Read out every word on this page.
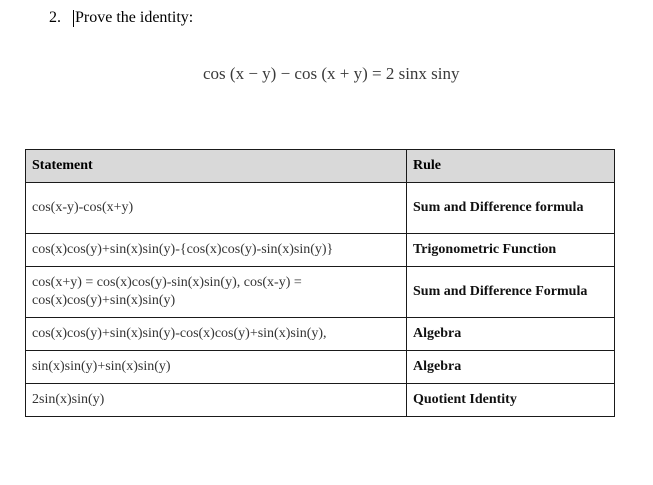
2. Prove the identity:
cos (x − y) − cos (x + y) = 2 sinx siny
Statement	Rule
cos(x-y)-cos(x+y)	Sum and Difference formula
cos(x)cos(y)+sin(x)sin(y)-{cos(x)cos(y)-sin(x)sin(y)}	Trigonometric Function
cos(x+y) = cos(x)cos(y)-sin(x)sin(y), cos(x-y) = cos(x)cos(y)+sin(x)sin(y)	Sum and Difference Formula
cos(x)cos(y)+sin(x)sin(y)-cos(x)cos(y)+sin(x)sin(y),	Algebra
sin(x)sin(y)+sin(x)sin(y)	Algebra
2sin(x)sin(y)	Quotient Identity
